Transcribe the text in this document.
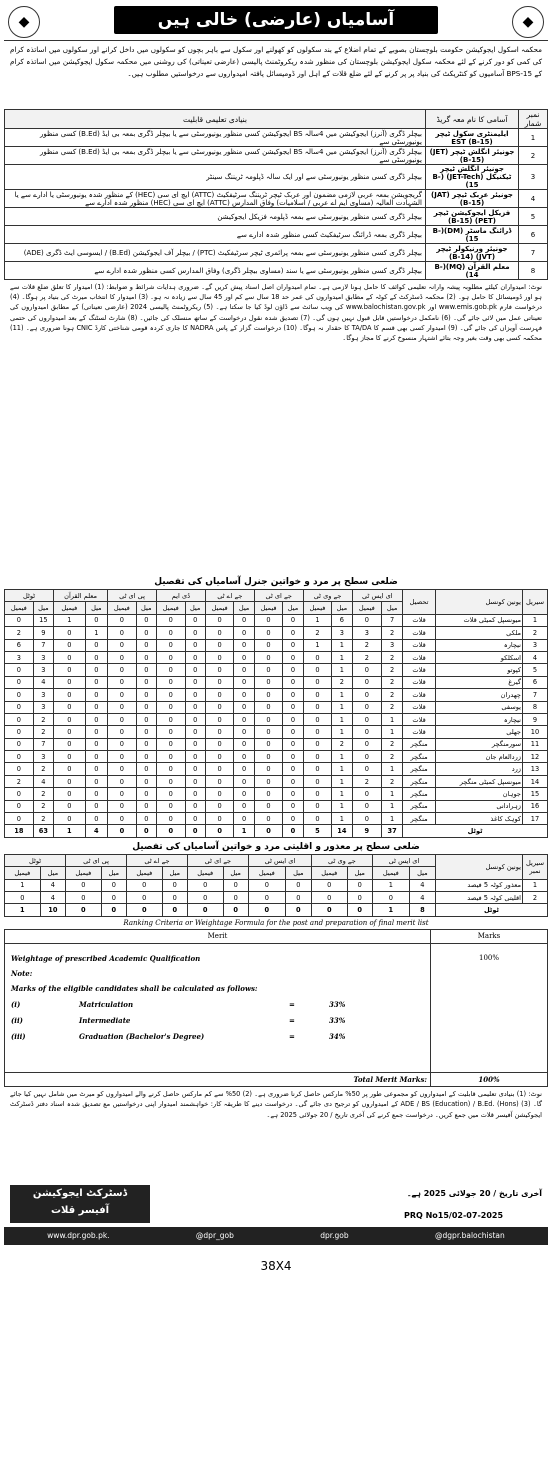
◆	آسامیاں (عارضی) خالی ہیں	◆
محکمہ اسکول ایجوکیشن حکومت بلوچستان بصوبے کے تمام اضلاع کے بند سکولوں کو کھولنے اور سکول سے باہر بچوں کو سکولوں میں داخل کرانے اور سکولوں میں اساتذہ کرام کی کمی کو دور کرنے کے لئے محکمہ سکول ایجوکیشن بلوچستان کی منظور شدہ ریکروٹمنٹ پالیسی (عارضی تعیناتی) کی روشنی میں محکمہ سکول ایجوکیشن میں اساتذہ کرام کے BPS-15 آسامیوں کو کنٹریکٹ کی بنیاد پر پر کرنے کے لئے ضلع قلات کے اہل اور ڈومیسائل یافتہ امیدواروں سے درخواستیں مطلوب ہیں۔
نمبر شمار	آسامی کا نام معہ گریڈ	بنیادی تعلیمی قابلیت
1	ایلیمنٹری سکول ٹیچر EST (B-15)	بیچلر ڈگری (آنرز) ایجوکیشن میں 4سالہ BS ایجوکیشن کسی منظور یونیورسٹی سے یا بیچلر ڈگری بمعہ بی ایڈ (B.Ed) کسی منظور یونیورسٹی سے
2	جونیئر انگلش ٹیچر (JET) (B-15)	بیچلر ڈگری (آنرز) ایجوکیشن میں 4سالہ BS ایجوکیشن کسی منظور یونیورسٹی سے یا بیچلر ڈگری بمعہ بی ایڈ (B.Ed) کسی منظور یونیورسٹی سے
3	جونیئر انگلش ٹیچر ٹیکنیکل (JET-Tech) (B-15)	بیچلر ڈگری کسی منظور یونیورسٹی سے اور ایک سالہ ڈپلومہ ٹریننگ سینٹر
4	جونیئر عربک ٹیچر (JAT)(B-15)	گریجویشن بمعہ عربی لازمی مضمون اور عربک ٹیچر ٹریننگ سرٹیفکیٹ (ATTC) ایچ ای سی (HEC) کے منظور شدہ یونیورسٹی یا ادارے سے یا الشہادت العالیہ (مساوی ایم اے عربی / اسلامیات) وفاق المدارس (ATTC) ایچ ای سی (HEC) منظور شدہ ادارے سے
5	فزیکل ایجوکیشن ٹیچر (PET) (B-15)	بیچلر ڈگری کسی منظور یونیورسٹی سے بمعہ ڈپلومہ فزیکل ایجوکیشن
6	ڈرائنگ ماسٹر (DM)(B-15)	بیچلر ڈگری بمعہ ڈرائنگ سرٹیفکیٹ کسی منظور شدہ ادارے سے
7	جونیئر ورنیکولر ٹیچر (JVT) (B-14)	بیچلر ڈگری کسی منظور یونیورسٹی سے بمعہ پرائمری ٹیچر سرٹیفکیٹ (PTC) / بیچلر آف ایجوکیشن (B.Ed) / ایسوسی ایٹ ڈگری (ADE)
8	معلم القرآن (MQ)(B-14)	بیچلر ڈگری کسی منظور یونیورسٹی سے یا سند (مساوی بیچلر ڈگری) وفاق المدارس کسی منظور شدہ ادارے سے
نوٹ: امیدواران کیلئے مطلوبہ پیشہ وارانہ تعلیمی کوائف کا حامل ہونا لازمی ہے۔ تمام امیدواران اصل اسناد پیش کریں گے۔ ضروری ہدایات شرائط و ضوابط: (1) امیدوار کا تعلق ضلع قلات سے ہو اور ڈومیسائل کا حامل ہو۔ (2) محکمہ ڈسٹرکٹ کے کوٹہ کے مطابق امیدواروں کی عمر حد 18 سال سے کم اور 45 سال سے زیادہ نہ ہو۔ (3) امیدوار کا انتخاب میرٹ کی بنیاد پر ہوگا۔ (4) درخواست فارم www.emis.gob.pk اور www.balochistan.gov.pk کی ویب سائٹ سے ڈاؤن لوڈ کیا جا سکتا ہے۔ (5) ریکروٹمنٹ پالیسی 2024 (عارضی تعیناتی) کے مطابق امیدواروں کی تعیناتی عمل میں لائی جائے گی۔ (6) نامکمل درخواستیں قابل قبول نہیں ہوں گی۔ (7) تصدیق شدہ نقول درخواست کے ساتھ منسلک کی جائیں۔ (8) شارٹ لسٹنگ کے بعد امیدواروں کی حتمی فہرست آویزاں کی جائے گی۔ (9) امیدوار کسی بھی قسم کا TA/DA کا حقدار نہ ہوگا۔ (10) درخواست گزار کے پاس NADRA کا جاری کردہ قومی شناختی کارڈ CNIC ہونا ضروری ہے۔ (11) محکمہ کسی بھی وقت بغیر وجہ بتائے اشتہار منسوخ کرنے کا مجاز ہوگا۔
ضلعی سطح پر مرد و خواتین جنرل آسامیاں کی تفصیل
سیریل	یونین کونسل	تحصیل	ای ایس ٹی		جے وی ٹی		جے ای ٹی		جے اے ٹی		ڈی ایم		پی ای ٹی		معلم القرآن		ٹوٹل	
			میل	فیمیل	میل	فیمیل	میل	فیمیل	میل	فیمیل	میل	فیمیل	میل	فیمیل	میل	فیمیل	میل	فیمیل
1	میونسپل کمیٹی قلات	قلات	7	0	6	1	0	0	0	0	0	0	0	0	0	1	15	0
2	ملکی	قلات	2	3	3	2	0	0	0	0	0	0	0	0	1	0	9	2
3	نیچارہ	قلات	3	2	1	1	0	0	0	0	0	0	0	0	0	0	7	6
4	اسکلکو	قلات	2	2	1	0	0	0	0	0	0	0	0	0	0	0	3	3
5	کپوتو	قلات	2	0	1	0	0	0	0	0	0	0	0	0	0	0	3	0
6	گیرغ	قلات	2	0	2	0	0	0	0	0	0	0	0	0	0	0	4	0
7	چھدران	قلات	2	0	1	0	0	0	0	0	0	0	0	0	0	0	3	0
8	یوسفی	قلات	2	0	1	0	0	0	0	0	0	0	0	0	0	0	3	0
9	نیچارہ	قلات	1	0	1	0	0	0	0	0	0	0	0	0	0	0	2	0
10	جھلی	قلات	1	0	1	0	0	0	0	0	0	0	0	0	0	0	2	0
11	سورمنگچر	منگچر	2	0	2	0	0	0	0	0	0	0	0	0	0	0	7	0
12	زردالعام جان	منگچر	2	0	1	0	0	0	0	0	0	0	0	0	0	0	3	0
13	زرد	منگچر	1	0	1	0	0	0	0	0	0	0	0	0	0	0	2	0
14	میونسپل کمیٹی منگچر	منگچر	2	2	1	0	0	0	0	0	0	0	0	0	0	0	4	2
15	جوہان	منگچر	1	0	1	0	0	0	0	0	0	0	0	0	0	0	2	0
16	زہرادانی	منگچر	1	0	1	0	0	0	0	0	0	0	0	0	0	0	2	0
17	کوہک کاغذ	منگچر	1	0	1	0	0	0	0	0	0	0	0	0	0	0	2	0
ٹوٹل			37	9	14	5	0	0	1	0	0	0	0	0	4	1	63	18
ضلعی سطح پر معذور و اقلیتی مرد و خواتین آسامیاں کی تفصیل
سیریل نمبر	یونین کونسل	ای ایس ٹی		جے وی ٹی		ای ایس ٹی		جے ای ٹی		جے اے ٹی		پی ای ٹی		ٹوٹل	
		میل	فیمیل	میل	فیمیل	میل	فیمیل	میل	فیمیل	میل	فیمیل	میل	فیمیل	میل	فیمیل
1	معذور کوٹہ 5 فیصد	4	1	0	0	0	0	0	0	0	0	0	0	4	1
2	اقلیتی کوٹہ 5 فیصد	4	0	0	0	0	0	0	0	0	0	0	0	4	0
ٹوٹل		8	1	0	0	0	0	0	0	0	0	0	0	10	1
Ranking Criteria or Weightage Formula for the post and preparation of final merit list
Merit	Marks

Weightage of prescribed Academic Qualification
Note:
Marks of the eligible candidates shall be calculated as follows:
(i)	Matriculation	=	33%
(ii)	Intermediate	=	33%
(iii)	Graduation (Bachelor's Degree)	=	34%
	100%
Total Merit Marks:	100%
نوٹ: (1) بنیادی تعلیمی قابلیت کے امیدواروں کو مجموعی طور پر 50% مارکس حاصل کرنا ضروری ہے۔ (2) 50% سے کم مارکس حاصل کرنے والے امیدواروں کو میرٹ میں شامل نہیں کیا جائے گا۔ (3) ADE / BS (Education) / B.Ed. (Hons) کے امیدواروں کو ترجیح دی جائے گی۔ درخواست دینے کا طریقہ کار: خواہشمند امیدوار اپنی درخواستیں مع تصدیق شدہ اسناد دفتر ڈسٹرکٹ ایجوکیشن آفیسر قلات میں جمع کریں۔ درخواست جمع کرنے کی آخری تاریخ / 20 جولائی 2025 ہے۔
ڈسٹرکٹ ایجوکیشن
آفیسر قلات
آخری تاریخ / 20 جولائی 2025 ہے۔
PRQ No15/02-07-2025
www.dpr.gob.pk.	@dpr_gob	dpr.gob	@dgpr.balochistan
38X4
